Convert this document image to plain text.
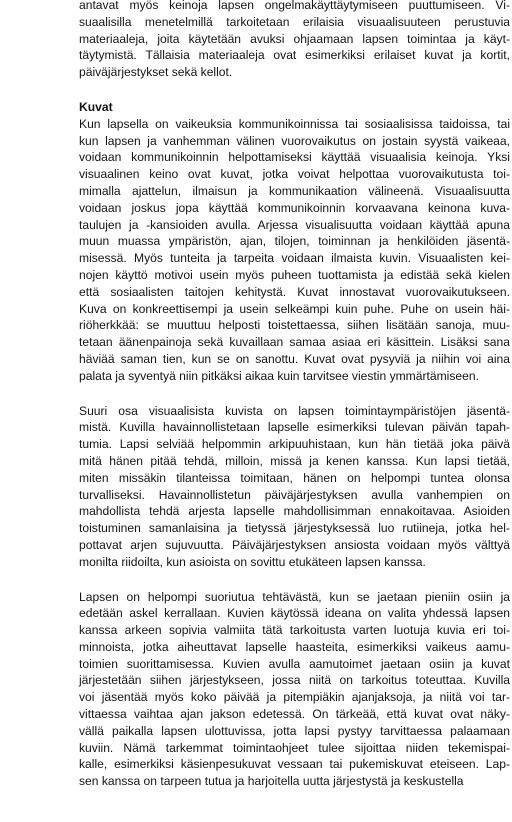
antavat myös keinoja lapsen ongelmakäyttäytymiseen puuttumiseen. Vi-
suaalisilla menetelmillä tarkoitetaan erilaisia visuaalisuuteen perustuvia
materiaaleja, joita käytetään avuksi ohjaamaan lapsen toimintaa ja käyt-
täytymistä. Tällaisia materiaaleja ovat esimerkiksi erilaiset kuvat ja kortit,
päiväjärjestykset sekä kellot.
Kuvat
Kun lapsella on vaikeuksia kommunikoinnissa tai sosiaalisissa taidoissa, tai
kun lapsen ja vanhemman välinen vuorovaikutus on jostain syystä vaikeaa,
voidaan kommunikoinnin helpottamiseksi käyttää visuaalisia keinoja. Yksi
visuaalinen keino ovat kuvat, jotka voivat helpottaa vuorovaikutusta toi-
mimalla ajattelun, ilmaisun ja kommunikaation välineenä. Visuaalisuutta
voidaan joskus jopa käyttää kommunikoinnin korvaavana keinona kuva-
taulujen ja -kansioiden avulla. Arjessa visualisuutta voidaan käyttää apuna
muun muassa ympäristön, ajan, tilojen, toiminnan ja henkilöiden jäsentä-
misessä. Myös tunteita ja tarpeita voidaan ilmaista kuvin. Visuaalisten kei-
nojen käyttö motivoi usein myös puheen tuottamista ja edistää sekä kielen
että sosiaalisten taitojen kehitystä. Kuvat innostavat vuorovaikutukseen.
Kuva on konkreettisempi ja usein selkeämpi kuin puhe. Puhe on usein häi-
riöherkkää: se muuttuu helposti toistettaessa, siihen lisätään sanoja, muu-
tetaan äänenpainoja sekä kuvaillaan samaa asiaa eri käsittein. Lisäksi sana
häviää saman tien, kun se on sanottu. Kuvat ovat pysyviä ja niihin voi aina
palata ja syventyä niin pitkäksi aikaa kuin tarvitsee viestin ymmärtämiseen.
Suuri osa visuaalisista kuvista on lapsen toimintaympäristöjen jäsentä-
mistä. Kuvilla havainnollistetaan lapselle esimerkiksi tulevan päivän tapah-
tumia. Lapsi selviää helpommin arkipuuhistaan, kun hän tietää joka päivä
mitä hänen pitää tehdä, milloin, missä ja kenen kanssa. Kun lapsi tietää,
miten missäkin tilanteissa toimitaan, hänen on helpompi tuntea olonsa
turvalliseksi. Havainnollistetun päiväjärjestyksen avulla vanhempien on
mahdollista tehdä arjesta lapselle mahdollisimman ennakoitavaa. Asioiden
toistuminen samanlaisina ja tietyssä järjestyksessä luo rutiineja, jotka hel-
pottavat arjen sujuvuutta. Päiväjärjestyksen ansiosta voidaan myös välttyä
monilta riidoilta, kun asioista on sovittu etukäteen lapsen kanssa.
Lapsen on helpompi suoriutua tehtävästä, kun se jaetaan pieniin osiin ja
edetään askel kerrallaan. Kuvien käytössä ideana on valita yhdessä lapsen
kanssa arkeen sopivia valmiita tätä tarkoitusta varten luotuja kuvia eri toi-
minnoista, jotka aiheuttavat lapselle haasteita, esimerkiksi vaikeus aamu-
toimien suorittamisessa. Kuvien avulla aamutoimet jaetaan osiin ja kuvat
järjestetään siihen järjestykseen, jossa niitä on tarkoitus toteuttaa. Kuvilla
voi jäsentää myös koko päivää ja pitempiäkin ajanjaksoja, ja niitä voi tar-
vittaessa vaihtaa ajan jakson edetessä. On tärkeää, että kuvat ovat näky-
vällä paikalla lapsen ulottuvissa, jotta lapsi pystyy tarvittaessa palaamaan
kuviin. Nämä tarkemmat toimintaohjeet tulee sijoittaa niiden tekemispai-
kalle, esimerkiksi käsienpesukuvat vessaan tai pukemiskuvat eteiseen. Lap-
sen kanssa on tarpeen tutua ja harjoitella uutta järjestystä ja keskustella
